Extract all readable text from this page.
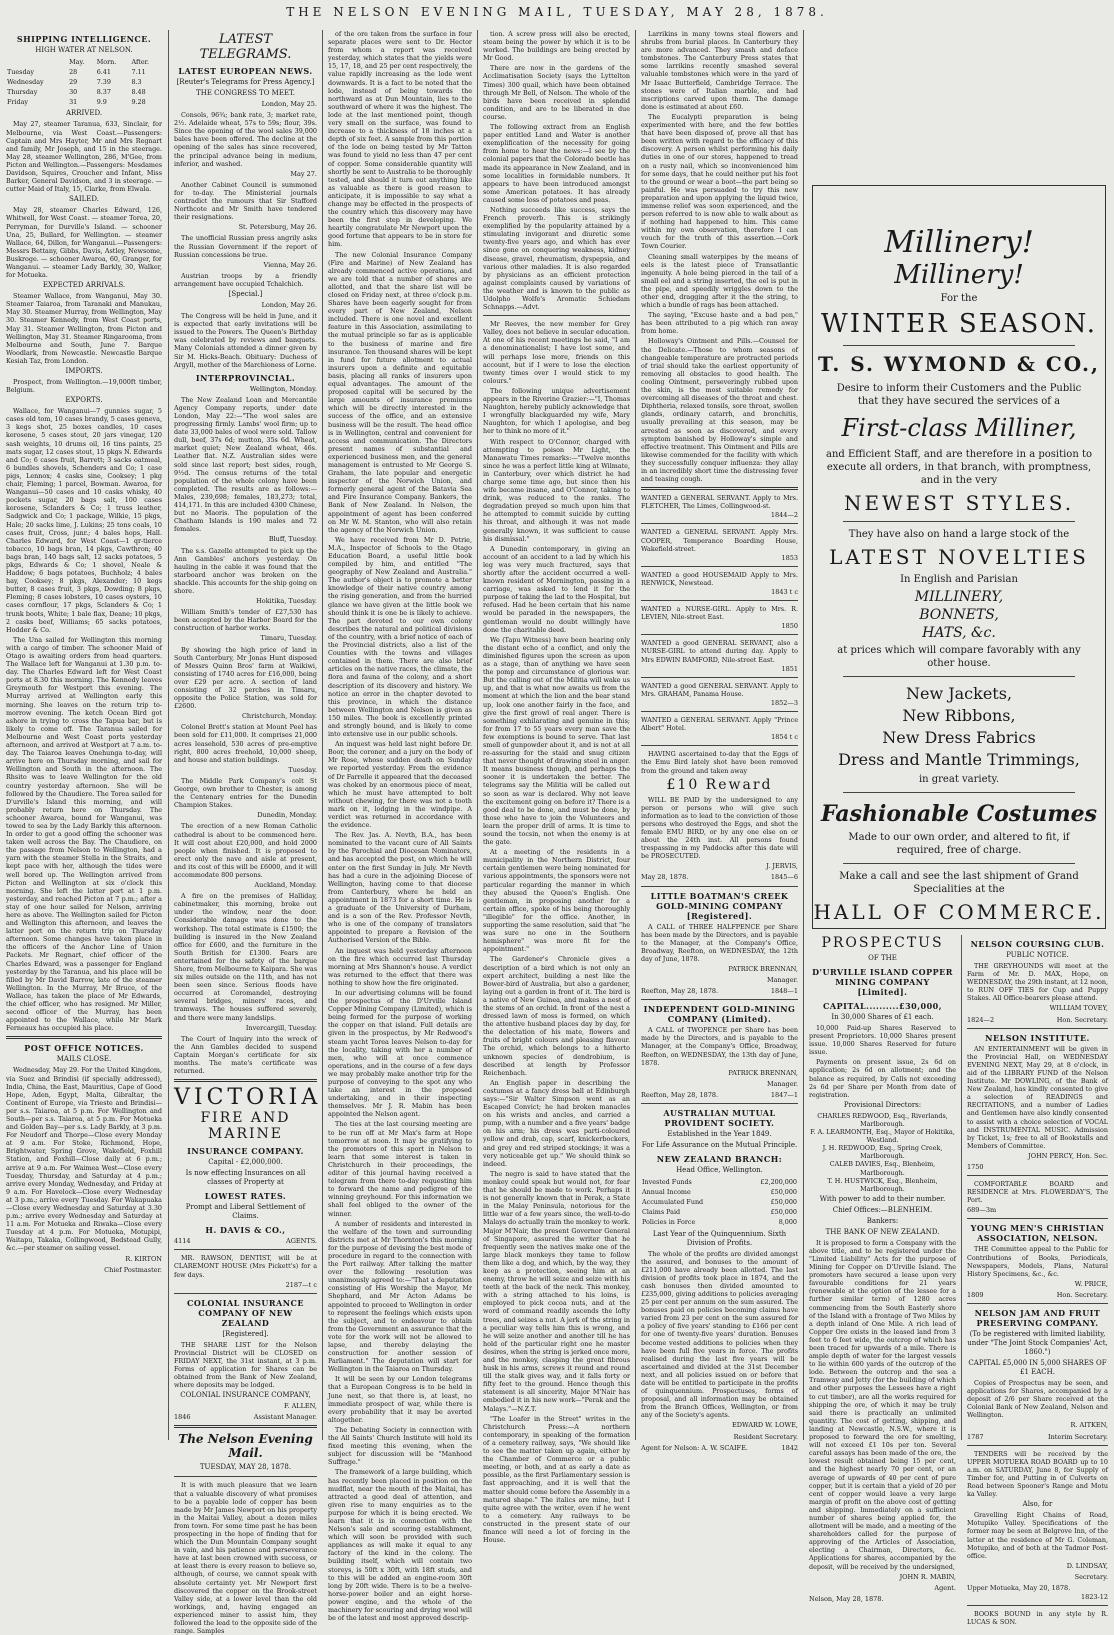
THE NELSON EVENING MAIL, TUESDAY, MAY 28, 1878.
SHIPPING INTELLIGENCE.
HIGH WATER AT NELSON.
	May.	Morn.	After.
Tuesday	28	6.41	7.11
Wednesday	29	7.39	8.3
Thursday	30	8.37	8.48
Friday	31	9.9	9.28
ARRIVED.

May 27, steamer Taranua, 633, Sinclair, for Melbourne, via West Coast.—Passengers: Captain and Mrs Hayter, Mr and Mrs Regnart and family, Mr Joseph, and 15 in the steerage. May 28, steamer Wellington, 286, M'Gee, from Picton and Wellington.—Passengers: Mesdames Davidson, Squires, Croucher and Infant, Miss Barker, General Davidson, and 3 in steerage. — cutter Maid of Italy, 15, Clarke, from Elwala.

SAILED.

May 28, steamer Charles Edward, 126, Whitwell, for West Coast. — steamer Torea, 20, Perryman, for Durville's Island. — schooner Una, 25, Bullard, for Wellington. — steamer Wallace, 64, Dillon, for Wanganui.—Passengers: Messrs Bettany, Gibbs, Davis, Astley, Newsome, Buskroge. — schooner Awaroa, 60, Granger, for Wanganui. — steamer Lady Barkly, 30, Walker, for Motueka.

EXPECTED ARRIVALS.

Steamer Wallace, from Wanganui, May 30. Steamer Taiaroa, from Taranaki and Manukau, May 30. Steamer Murray, from Wellington, May 30. Steamer Kennedy, from West Coast ports, May 31. Steamer Wellington, from Picton and Wellington, May 31. Steamer Ringarooma, from Melbourne and South, June 7. Barque Woodlark, from Newcastle. Newcastle Barque Kesiah Taz, from London.

IMPORTS.

Prospect, from Wellington.—19,000ft timber, Belgium.

EXPORTS.

Wallace, for Wanganui—7 gunnies sugar, 5 cases old tom, 10 cases brandy, 5 cases geneva, 3 kegs shot, 25 boxes candles, 10 cases kerosene, 5 cases stout, 20 jars vinegar, 120 sash weights, 10 drums oil, 16 tins paints, 25 mats sugar, 12 cases stout, 15 pkgs N. Edwards and Co; 6 cases fruit, Barrett; 3 sacks oatmeal, 6 bundles shovels, Schenders and Co; 1 case pigs, Lennox; 4 casks sine, Cooksey; 1 pkg chair, Fleming; 1 parcel, Bowman. Awaroa, for Wanganui—50 cases and 10 casks whisky, 40 pockets sugar, 20 bags salt, 100 cases kerosene, Sclanders & Co; 1 truss leather, Sadgwick and Co; 1 package, Wilkie, 15 pkgs, Hale; 20 sacks lime, J. Lukins; 25 tons coals, 10 cases fruit, Cross, junr.; 4 bales hops, Hall. Charles Edward, for West Coast—1 qr-tierce tobacco, 10 bags bran, 14 pkgs, Cawthron; 40 bags bran, 140 bags salt, 12 sacks potatoes, 5 pkgs, Edwards & Co; 1 shovel, Neale & Haddow; 6 bags potatoes, Buchholz; 4 bales hay, Cooksey; 8 pkgs, Alexander; 10 kegs butter, 8 cases fruit, 3 pkgs, Dowding; 8 pkgs, Fleming; 8 cases lobsters, 10 cases oysters, 10 cases cornflour, 17 pkgs, Sclanders & Co; 1 trunk boots, White; 1 bale flax, Deane; 10 pkgs, 2 casks beef, Williams; 65 sacks potatoes, Hodder & Co.

The Una sailed for Wellington this morning with a cargo of timber. The schooner Maid of Otago is awaiting orders from head quarters. The Wallace left for Wanganui at 1.30 p.m. to-day. The Charles Edward left for West Coast ports at 8.30 this morning. The Kennedy leaves Greymouth for Westport this evening. The Murray arrived at Wellington early this morning. She leaves on the return trip to-morrow evening. The ketch Ocean Bird got ashore in trying to cross the Tapua bar, but is likely to come off. The Taranua sailed for Melbourne and West Coast ports yesterday afternoon, and arrived at Westport at 7 a.m. to-day. The Taiaroa leaves Onehunga to-day, will arrive here on Thursday morning, and sail for Wellington and South in the afternoon. The Rhsito was to leave Wellington for the old country yesterday afternoon. She will be followed by the Chaudiere. The Torea sailed for D'urville's Island this morning, and will probably return here on Thursday. The schooner Awaroa, bound for Wanganui, was towed to sea by the Lady Barkly this afternoon. In order to get a good offing the schooner was taken well across the Bay. The Chaudiere, on the passage from Nelson to Wellington, had a yarn with the steamer Stella in the Straits, and kept pace with her, although the tides were well bored up. The Wellington arrived from Picton and Wellington at six o'clock this morning. She left the latter port at 1 p.m. yesterday, and reached Picton at 7 p.m.; after a stay of one hour sailed for Nelson, arriving here as above. The Wellington sailed for Picton and Wellington this afternoon, and leaves the latter port on the return trip on Thursday afternoon. Some changes have taken place in the officers of the Anchor Line of Union Packets. Mr Regnart, chief officer of the Charles Edward, was a passenger for England yesterday by the Taranua, and his place will be filled by Mr David Barrow, late of the steamer Wellington. In the Murray, Mr Bruce, of the Wallace, has taken the place of Mr Edwards, the chief officer, who has resigned. Mr Miller, second officer of the Murray, has been appointed to the Wallace, while Mr Mark Ferneaux has occupied his place.

POST OFFICE NOTICES.
MAILS CLOSE.

Wednesday, May 29. For the United Kingdom, via Suez and Brindisi (if specially addressed), India, China, the East, Mauritius, Cape of Good Hope, Aden, Egypt, Malta, Gibraltar, the Continent of Europe, via Trieste and Brindisi—per s.s. Taiaroa, at 5 p.m. For Wellington and South—per s.s. Taiaroa, at 5 p.m. For Motueka and Golden Bay—per s.s. Lady Barkly, at 3 p.m. For Neudorf and Thorpe—Close every Monday at 9 a.m. For Stoke, Richmond, Hope, Brightwater, Spring Grove, Wakefield, Foxhill Station, and Foxhill—Close daily at 6 p.m.; arrive at 9 a.m. For Waimea West—Close every Tuesday, Thursday, and Saturday at 4 p.m.; arrive every Monday, Wednesday, and Friday at 9 a.m. For Havelock—Close every Wednesday at 3 p.m.; arrive every Tuesday. For Wakapuaka—Close every Wednesday and Saturday at 3.30 p.m.; arrive every Wednesday and Saturday at 11 a.m. For Motueka and Riwaka—Close every Tuesday at 4 p.m. For Motueka, Motupipi, Waitapu, Takaka, Collingwood, Bedstead Gully, &c.—per steamer on sailing vessel.

R. KIRTON
Chief Postmaster.
LATEST TELEGRAMS.
LATEST EUROPEAN NEWS.
[Reuter's Telegrams for Press Agency.]
THE CONGRESS TO MEET.
London, May 25.

Consols, 96¾; bank rate, 3; market rate, 2½. Adelaide wheat, 57s to 59s; flour, 39s. Since the opening of the wool sales 39,000 bales have been offered. The decline at the opening of the sales has since recovered, the principal advance being in medium, inferior, and washed.

May 27.

Another Cabinet Council is summoned for to-day. The Ministerial journals contradict the rumours that Sir Stafford Northcote and Mr Smith have tendered their resignations.

St. Petersburg, May 26.

The unofficial Russian press angrily asks the Russian Government if the report of Russian concessions be true.

Vienna, May 26.

Austrian troops by a friendly arrangement have occupied Tchalchich.

[Special.]
London, May 26.

The Congress will be held in June, and it is expected that early invitations will be issued to the Powers. The Queen's Birthday was celebrated by reviews and banquets. Many Colonials attended a dinner given by Sir M. Hicks-Beach. Obituary: Duchess of Argyll, mother of the Marchioness of Lorne.

INTERPROVINCIAL.
Wellington, Monday.

The New Zealand Loan and Mercantile Agency Company reports, under date London, May 22:—"The wool sales are progressing firmly. Lambs' wool firm; up to date 33,000 bales of wool were sold. Tallow dull, beef, 37s 6d; mutton, 35s 6d. Wheat, market quiet; New Zealand wheat, 46s. Leather flat. N.Z. Australian sides were sold since last report; best sides, rough, 9½d. The census returns of the total population of the whole colony have been completed. The results are as follows:—Males, 239,698; females, 183,273; total, 414,171. In this are included 4300 Chinese, but no Maoris. The population of the Chatham Islands is 190 males and 72 females.

Bluff, Tuesday.

The s.s. Gazelle attempted to pick up the Ann Gambles' anchors yesterday. On hauling in the cable it was found that the starboard anchor was broken on the shackle. This accounts for the ship going on shore.

Hokitika, Tuesday.

William Smith's tender of £27,530 has been accepted by the Harbor Board for the construction of harbor works.

Timaru, Tuesday.

By showing the high price of land in South Canterbury, Mr Jonas Hunt disposed of Messrs Quinn Bros' farm at Waikiwi, consisting of 1740 acres for £16,000, being over £29 per acre. A section of land consisting of 32 perches in Timaru, opposite the Police Station, was sold for £2600.

Christchurch, Monday.

Colonel Brett's station at Mount Peel has been sold for £11,000. It comprises 21,000 acres leasehold, 530 acres of pre-emptive right, 800 acres freehold, 10,000 sheep, and house and station buildings.

Tuesday.

The Middle Park Company's colt St George, own brother to Chester, is among the Centenary entries for the Dunedin Champion Stakes.

Dunedin, Monday.

The erection of a new Roman Catholic cathedral is about to be commenced here. It will cost about £20,000, and hold 2000 people when finished. It is proposed to erect only the nave and aisle at present, and its cost of this will be £6000, and it will accommodate 800 persons.

Auckland, Monday.

A fire on the premises of Halliday, cabinetmaker, this morning, broke out under the window, near the door. Considerable damage was done to the workshop. The total estimate is £1500; the building is insured in the New Zealand office for £600, and the furniture in the South British for £1300. Fears are entertained for the safety of the barque Shore, from Melbourne to Kaipara. She was six miles outside on the 11th, and has not been seen since. Serious floods have occurred at Coromandel, destroying several bridges, miners' races, and tramways. The houses suffered severely, and there were many landslips.

Invercargill, Tuesday.

The Court of Inquiry into the wreck of the Ann Gambles decided to suspend Captain Morgan's certificate for six months. The mate's certificate was returned.

VICTORIA
FIRE AND MARINE
INSURANCE COMPANY.
Capital - £2,000,000.
Is now effecting Insurances on all classes of Property at
LOWEST RATES.
Prompt and Liberal Settlement of Claims.
H. DAVIS & CO.,
4114	AGENTS.

MR. RAWSON, DENTIST, will be at CLAREMONT HOUSE (Mrs Pickett's) for a few days.

2187—t c
COLONIAL INSURANCE COMPANY OF NEW ZEALAND
[Registered].

THE SHARE LIST for the Nelson Provincial District will be CLOSED on FRIDAY NEXT, the 31st instant, at 3 p.m. Forms of application for Shares can be obtained from the Bank of New Zealand, where deposits may be lodged.

COLONIAL INSURANCE COMPANY,
F. ALLEN,
1846	Assistant Manager.
The Nelson Evening Mail.
TUESDAY, MAY 28, 1878.

It is with much pleasure that we learn that a valuable discovery of what promises to be a payable lode of copper has been made by Mr James Newport on his property in the Maitai Valley, about a dozen miles from town. For some time past he has been prospecting in the hope of finding that for which the Dun Mountain Company sought in vain, and his patience and perseverance have at last been crowned with success, or at least there is every reason to believe so, although, of course, we cannot speak with absolute certainty yet. Mr Newport first discovered the copper on the Brook-street Valley side, at a lower level than the old workings, and, having engaged an experienced miner to assist him, they followed the lead to the opposite side of the range. Samples

of the ore taken from the surface in four separate places were sent to Dr. Hector from whom a report was received yesterday, which states that the yields were 15, 17, 18, and 25 per cent respectively, the value rapidly increasing as the lode went downwards. It is a fact to be noted that the lode, instead of being towards the northward as at Dun Mountain, lies to the southward of where it was the highest. The lode at the last mentioned point, though very small on the surface, was found to increase to a thickness of 18 inches at a depth of six feet. A sample from this portion of the lode on being tested by Mr Tatton was found to yield no less than 47 per cent of copper. Some considerable quantity will shortly be sent to Australia to be thoroughly tested, and should it turn out anything like as valuable as there is good reason to anticipate, it is impossible to say what a change may be effected in the prospects of the country which this discovery may have been the first step in developing. We heartily congratulate Mr Newport upon the good fortune that appears to be in store for him.

The new Colonial Insurance Company (Fire and Marine) of New Zealand has already commenced active operations, and we are told that a number of shares are allotted, and that the share list will be closed on Friday next, at three o'clock p.m. Shares have been eagerly sought for from every part of New Zealand, Nelson included. There is one novel and excellent feature in this Association, assimilating to the mutual principle so far as is applicable to the business of marine and fire insurance. Ten thousand shares will be kept in fund for future allotment to actual insurers upon a definite and equitable basis, placing all ranks of insurers upon equal advantages. The amount of the proposed capital will be secured by the large amounts of insurance premiums which will be directly interested in the success of the office, and an extensive business will be the result. The head office is in Wellington, central and convenient for access and communication. The Directors present names of substantial and experienced business men, and the general management is entrusted to Mr George S. Graham, the late popular and energetic inspector of the Norwich Union, and formerly general agent of the Batavia Sea and Fire Insurance Company. Bankers, the Bank of New Zealand. In Nelson, the appointment of agent has been conferred on Mr W. M. Stanton, who will also retain the agency of the Norwich Union.

We have received from Mr D. Petrie, M.A., Inspector of Schools to the Otago Education Board, a useful little book compiled by him, and entitled "The geography of New Zealand and Australia." The author's object is to promote a better knowledge of their native country among the rising generation, and from the hurried glance we have given at the little book we should think it is one be is likely to achieve. The part devoted to our own colony describes the natural and political divisions of the country, with a brief notice of each of the Provincial districts, also a list of the Counties with the towns and villages contained in them. There are also brief articles on the native races, the climate, the flora and fauna of the colony, and a short description of its discovery and history. We notice an error in the chapter devoted to this province, in which the distance between Wellington and Nelson is given as 150 miles. The book is excellently printed and strongly bound, and is likely to come into extensive use in our public schools.

An inquest was held last night before Dr. Boor, the coroner, and a jury on the body of Mr Rose, whose sudden death on Sunday we reported yesterday. From the evidence of Dr Farrelle it appeared that the deceased was choked by an enormous piece of meat, which he must have attempted to bolt without chewing, for there was not a tooth mark on it, lodging in the windpipe. A verdict was returned in accordance with the evidence.

The Rev. Jas. A. Nevth, B.A., has been nominated to the vacant cure of All Saints by the Parochial and Diocesan Nominators, and has accepted the post, on which he will enter on the first Sunday in July. Mr Nevth has had a cure in the adjoining Diocese of Wellington, having come to that diocese from Canterbury, where he held an appointment in 1873 for a short time. He is a graduate of the University of Durham, and is a son of the Rev. Professor Nevth, who is one of the company of translators appointed to prepare a Revision of the Authorised Version of the Bible.

An inquest was held yesterday afternoon on the fire which occurred last Thursday morning at Mrs Shannon's house. A verdict was returned to the effect that there was nothing to show how the fire originated.

In our advertising columns will be found the prospectus of the D'Urville Island Copper Mining Company (Limited), which is being formed for the purpose of working the copper on that island. Full details are given in the prospectus, by Mr Redwood's steam yacht Torea leaves Nelson to-day for the locality, taking with her a number of men, who will at once commence operations, and in the course of a few days we may probably make another trip for the purpose of conveying to the spot any who take an interest in the proposed undertaking, and in their inspecting themselves. Mr J. R. Mabin has been appointed the Nelson agent.

The ties at the last coursing meeting are to be run off at Mr Max's farm at Hope tomorrow at noon. It may be gratifying to the promoters of this sport in Nelson to learn that some interest is taken in Christchurch in their proceedings, the editor of this journal having received a telegram from there to-day requesting him to forward the name and pedigree of the winning greyhound. For this information we shall feel obliged to the owner of the winner.

A number of residents and interested in the welfare of the town and surrounding districts met at Mr Thornton's this morning for the purpose of devising the best mode of procedure in regard to the connection with the Port railway. After talking the matter over the following resolution was unanimously agreed to:—"That a deputation consisting of His Worship the Mayor, Mr Shephard, and Mr Acton Adams be appointed to proceed to Wellington in order to represent the feelings which exists upon the subject, and to endeavour to obtain from the Government an assurance that the vote for the work will not be allowed to lapse, and thereby delaying the construction for another session of Parliament." The deputation will start for Wellington in the Taiaroa on Thursday.

It will be seen by our London telegrams that a European Congress is to be held in June next, so that there is, at least, no immediate prospect of war, while there is every probability that it may be averted altogether.

The Debating Society in connection with the All Saints' Church Institute will hold its fixed meeting this evening, when the subject for discussion will be "Manhood Suffrage."

The framework of a large building, which has recently been placed in position on the mudflat, near the mouth of the Maitai, has attracted a good deal of attention, and given rise to many enquiries as to the purpose for which it is being erected. We learn that it is in connection with the Nelson's sale and scouring establishment, which will soon be provided with such appliances as will make it equal to any factory of the kind in the colony. The building itself, which will contain two storeys, is 50ft x 30ft, with 18ft studs, and to this will be added an engine-room 30ft long by 20ft wide. There is to be a twelve-horse-power boiler and an eight horse-power engine, and the whole of the machinery for scouring and drying wool will be of the latest and most approved descrip-

tion. A screw press will also be erected, steam being the power by which it is to be worked. The buildings are being erected by Mr Good.

There are now in the gardens of the Acclimatisation Society (says the Lyttelton Times) 300 quail, which have been obtained through Mr Bell, of Nelson. The whole of the birds have been received in splendid condition, and are to be liberated in due course.

The following extract from an English paper entitled Land and Water is another exemplification of the necessity for going from home to hear the news:—I see by the colonial papers that the Colorado beetle has made its appearance in New Zealand, and in some localities in formidable numbers. It appears to have been introduced amongst some American potatoes. It has already caused some loss of potatoes and peas.

Nothing succeeds like success, says the French proverb. This is strikingly exemplified by the popularity attained by a stimulating invigorant and diuretic some twenty-five years ago, and which has ever since gone on conquering weakness, kidney disease, gravel, rheumatism, dyspepsia, and various other maladies. It is also regarded by physicians as an efficient protection against complaints caused by variations of the weather and is known to the public as Udolpho Wolfe's Aromatic Schiedam Schnapps.—Advt.

Mr Reeves, the new member for Grey Valley, does not believe in secular education. At one of his recent meetings he said, "I am a denominationalist; I have lost some, and will perhaps lose more, friends on this account, but if I were to lose the election twenty times over I would stick to my colours."

The following unique advertisement appears in the Riverine Grazier:—"I, Thomas Naughton, hereby publicly acknowledge that I wrongfully blackguarded my wife, Mary Naughton, for which I apologise, and beg her to think no more of it."

With respect to O'Connor, charged with attempting to poison Mr Light, the Manawatu Times remarks:—"Twelve months since he was a perfect little king at Wilmate, in Canterbury, over which district he had charge some time ago, but since then his wife became insane, and O'Connor, taking to drink, was reduced to the ranks. The degradation preyed so much upon him that he attempted to commit suicide by cutting his throat, and although it was not made generally known, it was sufficient to cause his dismissal."

A Dunedin contemporary, in giving an account of an accident to a lad by which his leg was very much fractured, says that shortly after the accident occurred a well-known resident of Mornington, passing in a carriage, was asked to lend it for the purpose of taking the lad to the Hospital, but refused. Had he been certain that his name would be paraded in the newspapers, the gentleman would no doubt willingly have done the charitable deed.

We (Tapu Witness) have been hearing only the distant echo of a conflict, and only the diminished figures upon the screen as upon as a stage, than of anything we have seen the pomp and circumstance of glorious war. But the calling out of the Militia will wake us up, and that is what now awaits us from the moment at which the lion and the bear stand up, look one another fairly in the face, and give the first growl of real anger. There is something exhilarating and genuine in this; for from 17 to 55 years every man save the few exemptions is bound to serve. That last smell of gunpowder about it, and is not at all re-assuring for the staid and snug citizen that never thought of drawing steel in anger. It means business though, and perhaps the sooner it is undertaken the better. The telegrams say the Militia will be called out so soon as war is declared. Why not leave the excitement going on before it? There is a good deal to be done, and must be done, by those who have to join the Volunteers and learn the proper drill of arms. It is time to sound the tocsin, not when the enemy is at the gate.

At a meeting of the residents in a municipality in the Northern District, four certain gentlemen were being nominated for various appointments, the sponsors were not particular regarding the manner in which they abused the Queen's English. One gentleman, in proposing another for a certain office, spoke of his being thoroughly "illegible" for the office. Another, in supporting the same resolution, said that "he was sure no one in the Southern hemisphere" was more fit for the appointment."

The Gardener's Chronicle gives a description of a bird which is not only an expert architect, building a nest like the Bower-bird of Australia, but also a gardener, laying out a garden in front of it. The bird is a native of New Guinea, and makes a nest of the stems of an orchid. In front of the nest a dressed lawn of moss is formed, on which the attentive husband places day by day, for the delectation of his mate, flowers and fruits of bright colours and pleasing flavour. The orchid, which belongs to a hitherto unknown species of dendrobium, is described at length by Professor Reichenbach.

An English paper in describing the costumes at a fancy dress ball at Edinburgh says:—"Sir Walter Simpson went as an Escaped Convict; he had broken manacles on his wrists and ancles, and carried a pump, with a number and a five years' badge on his arm; his dress was parti-coloured yellow and drab, cap, scarf, knickerbockers, and grey and red striped stockings; it was a very noticeable get up." We should think so indeed.

The negro is said to have stated that the monkey could speak but would not, for fear that he should be made to work. Perhaps it is not generally known that in Perak, a State in the Malay Peninsula, notorious for the little war of a few years since, the well-to-do Malays do actually train the monkey to work. Major M'Nair, the present Governor General of Singapore, assured the writer that he frequently seen the natives make one of the large black monkeys they tame to follow them like a dog, and which, by the way, they keep as a protection, seeing him at an enemy, throw he will seize and seize with his teeth at the back of the neck. This monkey, with a string attached to his loins, is employed to pick cocoa nuts, and at the word of command readily ascends the lofty trees, and seizes a nut. A jerk of the string in a peculiar way tells him this is wrong, and he will seize another and another till he has hold of the particular right one he master desires, when the string is jerked once more, and the monkey, clasping the great fibrous husk in his arms, screws it round and round till the stalk gives way, and it falls forty or fifty feet to the ground. Hence though this statement is all sincerity, Major M'Nair has embodied it in his new work—"Perak and the Malays."—N.Z.T.

"The Loafer in the Street" writes in the Christchurch Press:—A northern contemporary, in speaking of the formation of a cemetery railway, says, "We should like to see the matter taken up again, either by the Chamber of Commerce or a public meeting, or both, and at as early a date as possible, as the first Parliamentary session is fast approaching, and it is well that the matter should come before the Assembly in a matured shape." The italics are mine, but I quite agree with the writer, even if he went to a cemetery. Any railways to be constructed in the present state of our finance will need a lot of forcing in the House.

Larrikins in many towns steal flowers and shrubs from burial places. In Canterbury they are more advanced. They smash and deface tombstones. The Canterbury Press states that some larrikins recently smashed several valuable tombstones which were in the yard of Mr Isaac Butterfield, Cambridge Terrace. The stones were of Italian marble, and had inscriptions carved upon them. The damage done is estimated at about £60.

The Eucalypti preparation is being experimented with here, and the few bottles that have been disposed of, prove all that has been written with regard to the efficacy of this discovery. A person whilst performing his daily duties in one of our stores, happened to tread on a rusty nail, which so inconvenienced him for some days, that he could neither put his foot to the ground or wear a boot—the part being so painful. He was persuaded to try this new preparation and upon applying the liquid twice, immense relief was soon experienced, and the person referred to is now able to walk about as if nothing had happened to him. This came within my own observation, therefore I can vouch for the truth of this assertion.—Cork Town Courier.

Cleaning small waterpipes by the means of eels is the latest piece of Transatlantic ingenuity. A hole being pierced in the tail of a small eel and a string inserted, the eel is put in the pipe, and speedily wriggles down to the other end, dragging after it the the string, to which a bundle of rags has been attached.

The saying, "Excuse haste and a bad pen," has been attributed to a pig which ran away from home.

Holloway's Ointment and Pills.—Counsel for the Delicate.—Those to whom seasons of changeable temperature are protracted periods of trial should take the earliest opportunity of removing all obstacles to good health. The cooling Ointment, perseveringly rubbed upon the skin, is the most suitable remedy for overcoming all diseases of the throat and chest. Diphtheria, relaxed tonsils, sore throat, swollen glands, ordinary catarrh, and bronchitis, usually prevailing at this season, may be arrested as soon as discovered, and every symptom banished by Holloway's simple and effective treatment. This Ointment and Pills are likewise commended for the facility with which they successfully conquer influenza: they allay in an incredibly short time the distressing fever and teasing cough.

WANTED a GENERAL SERVANT. Apply to Mrs. FLETCHER, The Limes, Collingwood-st.
1844—2
WANTED a GENERAL SERVANT. Apply Mrs. COOPER, Temperance Boarding House, Wakefield-street.
1853
WANTED a good HOUSEMAID Apply to Mrs. RENWICK, Newstead.
1843 t c
WANTED a NURSE-GIRL. Apply to Mrs. R. LEVIEN, Nile-street East.
1850
WANTED a good GENERAL SERVANT, also a NURSE-GIRL to attend during day. Apply to Mrs EDWIN BAMFORD, Nile-street East.
1851
WANTED a good GENERAL SERVANT. Apply to Mrs. GRAHAM, Panama House.
1852—3
WANTED a GENERAL SERVANT. Apply "Prince Albert" Hotel.
1854 t c

HAVING ascertained to-day that the Eggs of the Emu Bird lately shot have been removed from the ground and taken away

£10 Reward

WILL BE PAID by the undersigned to any person or persons who will give such information as to lead to the conviction of those persons who destroyed the Eggs, and shot the female EMU BIRD, or by any one else on or about the 24th inst. All persons found trespassing in my Paddocks after this date will be PROSECUTED.

J. JERVIS,
May 28, 1878.	1845—6
LITTLE BOATMAN'S CREEK GOLD-MINING COMPANY [Registered].

A CALL of THREE HALFPENCE per Share has been made by the Directors, and is payable to the Manager, at the Company's Office, Broadway, Reefton, on WEDNESDAY, the 12th day of June, 1878.

PATRICK BRENNAN,
Manager.
Reefton, May 28, 1878.	1848—1
INDEPENDENT GOLD-MINING COMPANY (Limited).

A CALL of TWOPENCE per Share has been made by the Directors, and is payable to the Manager, at the Company's Office, Broadway, Reefton, on WEDNESDAY, the 13th day of June, 1878.

PATRICK BRENNAN,
Manager.
Reefton, May 28, 1878.	1847—1
AUSTRALIAN MUTUAL PROVIDENT SOCIETY.
Established in the Year 1849.
For Life Assurance on the Mutual Principle.
NEW ZEALAND BRANCH:
Head Office, Wellington.
Invested Funds	£2,200,000
Annual Income	£50,000
Accumulated Fund	£50,000
Claims Paid	£50,000
Policies in Force	8,000
Last Year of the Quinquennium. Sixth Division of Profits.

The whole of the profits are divided amongst the assured, and bonuses to the amount of £211,000 have already been allotted. The last division of profits took place in 1874, and the cash bonuses then divided amounted to £235,000, giving additions to policies averaging 25 per cent per annum on the sum assured. The bonuses paid on policies becoming claims have varied from 23 per cent on the sum assured for a policy of five years' standing to £166 per cent for one of twenty-five years' duration. Bonuses become vested additions to policies when they have been full five years in force. The profits realised during the last five years will be ascertained and divided at the 31st December next, and all policies issued on or before that date will be entitled to participate in the profits of quinquennium. Prospectuses, forms of proposal, and all information may be obtained from the Branch Offices, Wellington, or from any of the Society's agents.

EDWARD W. LOWE,
Resident Secretary.
Agent for Nelson: A. W. SCAIFE.	1842
Millinery!
Millinery!
For the
WINTER SEASON.
T. S. WYMOND & CO.,
Desire to inform their Customers and the Public that they have secured the services of a
First-class Milliner,
and Efficient Staff, and are therefore in a position to execute all orders, in that branch, with promptness, and in the very
NEWEST STYLES.
They have also on hand a large stock of the
LATEST NOVELTIES
In English and Parisian
MILLINERY,
BONNETS,
HATS, &c.
at prices which will compare favorably with any other house.
New Jackets,
New Ribbons,
New Dress Fabrics
Dress and Mantle Trimmings,
in great variety.
Fashionable Costumes
Made to our own order, and altered to fit, if required, free of charge.
Make a call and see the last shipment of Grand Specialities at the
HALL OF COMMERCE.
PROSPECTUS
OF THE
D'URVILLE ISLAND COPPER MINING COMPANY [Limited].
CAPITAL..........£30,000,
In 30,000 Shares of £1 each.

10,000 Paid-up Shares Reserved to present Proprietors. 10,000 Shares present issue. 10,000 Shares Reserved for future issue.

Payments on present issue, 2s 6d on application; 2s 6d on allotment; and the balance as required, by Calls not exceeding 2s 6d per Share per Month from date of registration.

Provisional Directors:
CHARLES REDWOOD, Esq., Riverlands, Marlborough.
F. A. LEARMONTH, Esq., Mayor of Hokitika, Westland.
J. H. REDWOOD, Esq., Spring Creek, Marlborough.
CALEB DAVIES, Esq., Blenheim, Marlborough.
T. H. HUSTWICK, Esq., Blenheim, Marlborough.
With power to add to their number.
Chief Offices:—BLENHEIM.
Bankers:
THE BANK OF NEW ZEALAND.

It is proposed to form a Company with the above title, and to be registered under the "Limited Liability" Acts for the purpose of Mining for Copper on D'Urville Island. The promoters have secured a lease upon very favourable conditions for 21 years (renewable at the option of the lessee for a further similar term) of 1280 acres commencing from the South Easterly shore of the Island with a frontage of Two Miles by a depth inland of One Mile. A rich lead of Copper Ore exists in the leased land from 3 feet to 6 feet wide, the outcrop of which has been traced for upwards of a mile. There is ample depth of water for the largest vessels to lie within 600 yards of the outcrop of the lode. Between the outcrop and the sea a Tramway and Jetty (for the building of which and other purposes the Lessees have a right to cut timber), are all the works required for shipping the ore, of which it may be truly said there is practically an unlimited quantity. The cost of getting, shipping, and landing at Newcastle, N.S.W., where it is proposed to forward the ore for smelting, will not exceed £1 10s per ton. Several careful assays has been made of the ore, the lowest result obtained being 15 per cent, and the highest nearly 70 per cent, or an average of upwards of 40 per cent of pure copper, but it is certain that a yield of 20 per cent of copper would leave a very large margin of profit on the above cost of getting and shipping. Immediately on a sufficient number of shares being applied for, the allotment will be made, and a meeting of the shareholders called for the purpose of approving of the Articles of Association, electing a Chairman, Directors, &c. Applications for shares, accompanied by the deposit, will be received by the undersigned,

JOHN R. MABIN,
Agent.
Nelson, May 28, 1878.
NELSON COURSING CLUB.
PUBLIC NOTICE.

THE GREYHOUNDS will meet at the Farm of Mr. D. MAX, Hope, on WEDNESDAY, the 29th instant, at 12 noon, to RUN OFF TIES for Cup and Puppy Stakes. All Office-bearers please attend.

WILLIAM TOVEY,
1824—2	Hon. Secretary.
NELSON INSTITUTE.

AN ENTERTAINMENT will be given in the Provincial Hall, on WEDNESDAY EVENING NEXT, May 29, at 8 o'clock, in aid of the LIBRARY FUND of the Nelson Institute. Mr DOWLING, of the Bank of New Zealand, has kindly consented to give a selection of READINGS and RECITATIONS, and a number of Ladies and Gentlemen have also kindly consented to assist with a choice selection of VOCAL and INSTRUMENTAL MUSIC. Admission by Ticket, 1s; free to all of Bookstalls and Members of Committee.

JOHN PERCY, Hon. Sec.
1750

COMFORTABLE BOARD and RESIDENCE at Mrs. FLOWERDAY'S, The Port.

689—3m
YOUNG MEN'S CHRISTIAN ASSOCIATION, NELSON.

THE Committee appeal to the Public for Contributions of Books, Periodicals, Newspapers, Models, Plans, Natural History Specimens, &c., &c.

W. PRICE,
1809	Hon. Secretary.
NELSON JAM AND FRUIT PRESERVING COMPANY.
(To be registered with limited liability, under "The Joint Stock Companies' Act, 1860.")
CAPITAL £5,000 IN 5,000 SHARES OF £1 EACH.

Copies of Prospectus may be seen, and applications for Shares, accompanied by a deposit of 2/6 per Share received at the Colonial Bank of New Zealand, Nelson and Wellington.

R. AITKEN,
1787	Interim Secretary.

TENDERS will be received by the UPPER MOTUEKA ROAD BOARD up to 10 a.m. on SATURDAY, June 8, for Supply of Timber for, and Putting in of Culverts on Road between Spooner's Range and Motu ka Valley.

Also, for

Gravelling Eight Chains of Road, Motupiko Valley. Specifications of the former may be seen at Belgrove Inn, of the latter at the residence of Mr G. Coleman, Motupiko, and of both at the Tadmor Post-office.

D. LINDSAY,
Secretary.
Upper Motueka, May 20, 1878.
1823-12

BOOKS BOUND in any style by R. LUCAS & SON.
